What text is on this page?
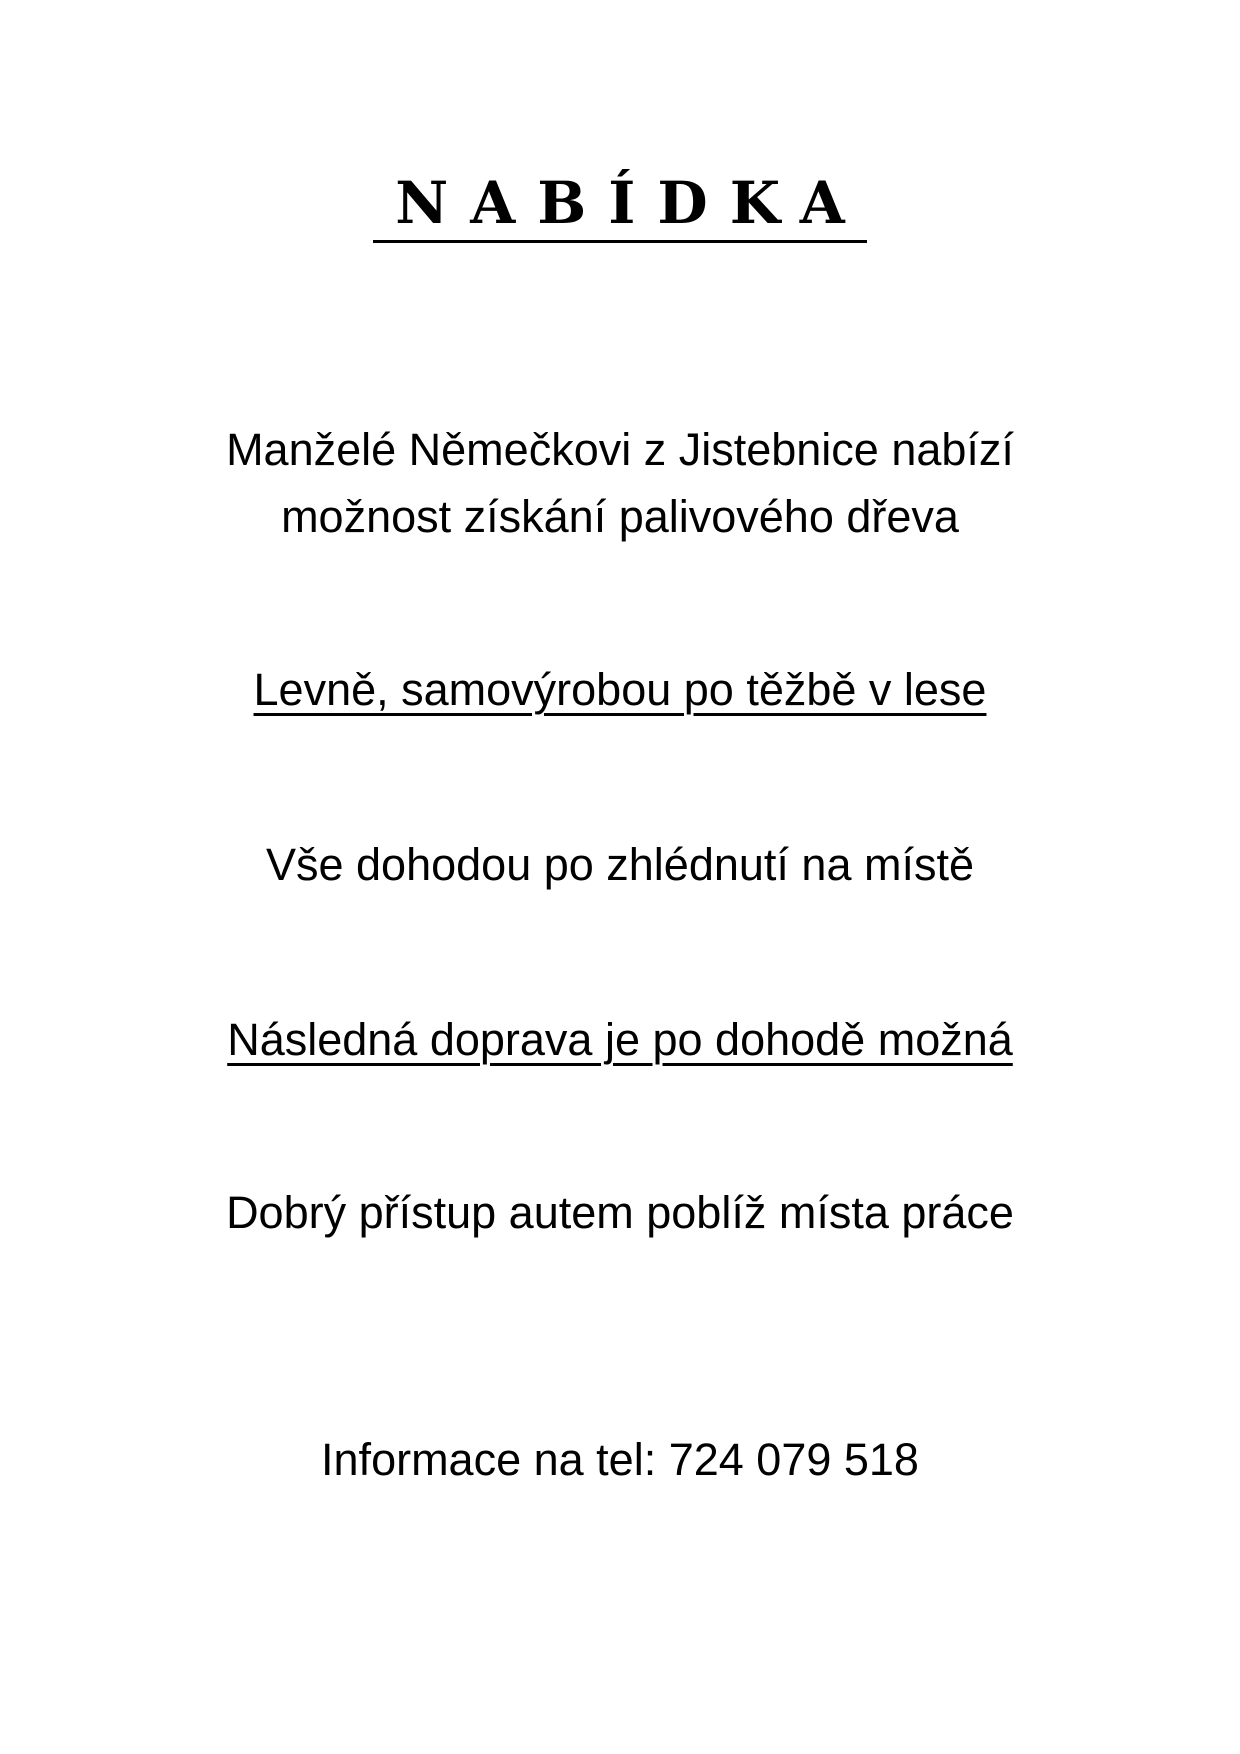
NABÍDKA
Manželé Němečkovi z Jistebnice nabízí
možnost získání palivového dřeva
Levně, samovýrobou po těžbě v lese
Vše dohodou po zhlédnutí na místě
Následná doprava je po dohodě možná
Dobrý přístup autem poblíž místa práce
Informace na tel: 724 079 518
